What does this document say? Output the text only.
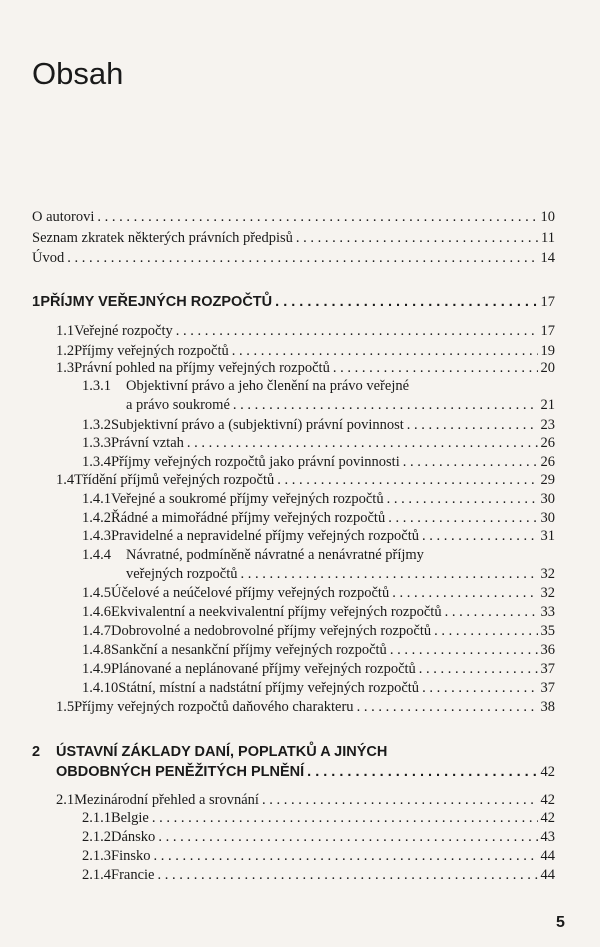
Obsah
O autorovi . . .	10
Seznam zkratek některých právních předpisů . . .	11
Úvod . . .	14
1 PŘÍJMY VEŘEJNÝCH ROZPOČTŮ . . .	17
1.1 Veřejné rozpočty . . .	17
1.2 Příjmy veřejných rozpočtů . . .	19
1.3 Právní pohled na příjmy veřejných rozpočtů . . .	20
1.3.1 Objektivní právo a jeho členění na právo veřejné
a právo soukromé . . .	21
1.3.2 Subjektivní právo a (subjektivní) právní povinnost . . .	23
1.3.3 Právní vztah . . .	26
1.3.4 Příjmy veřejných rozpočtů jako právní povinnosti . . .	26
1.4 Třídění příjmů veřejných rozpočtů . . .	29
1.4.1 Veřejné a soukromé příjmy veřejných rozpočtů . . .	30
1.4.2 Řádné a mimořádné příjmy veřejných rozpočtů . . .	30
1.4.3 Pravidelné a nepravidelné příjmy veřejných rozpočtů . . .	31
1.4.4 Návratné, podmíněně návratné a nenávratné příjmy
veřejných rozpočtů . . .	32
1.4.5 Účelové a neúčelové příjmy veřejných rozpočtů . . .	32
1.4.6 Ekvivalentní a neekvivalentní příjmy veřejných rozpočtů . . .	33
1.4.7 Dobrovolné a nedobrovolné příjmy veřejných rozpočtů . . .	35
1.4.8 Sankční a nesankční příjmy veřejných rozpočtů . . .	36
1.4.9 Plánované a neplánované příjmy veřejných rozpočtů . . .	37
1.4.10 Státní, místní a nadstátní příjmy veřejných rozpočtů . . .	37
1.5 Příjmy veřejných rozpočtů daňového charakteru . . .	38
2 ÚSTAVNÍ ZÁKLADY DANÍ, POPLATKŮ A JINÝCH
OBDOBNÝCH PENĚŽITÝCH PLNĚNÍ . . .	42
2.1 Mezinárodní přehled a srovnání . . .	42
2.1.1 Belgie . . .	42
2.1.2 Dánsko . . .	43
2.1.3 Finsko . . .	44
2.1.4 Francie . . .	44
5
